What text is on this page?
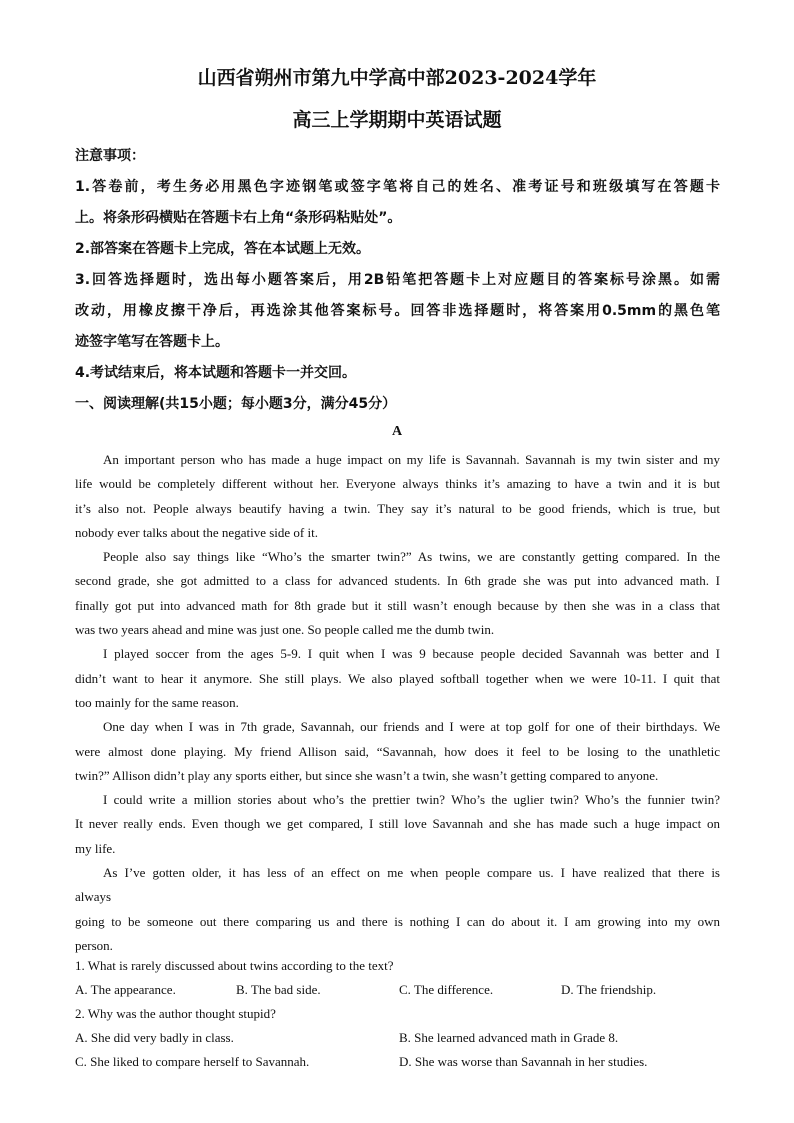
山西省朔州市第九中学高中部2023-2024学年
高三上学期期中英语试题
注意事项：
1.答卷前，考生务必用黑色字迹钢笔或签字笔将自己的姓名、准考证号和班级填写在答题卡
上。将条形码横贴在答题卡右上角“条形码粘贴处”。
2.部答案在答题卡上完成，答在本试题上无效。
3.回答选择题时，选出每小题答案后，用2B铅笔把答题卡上对应题目的答案标号涂黑。如需
改动，用橡皮擦干净后，再选涂其他答案标号。回答非选择题时，将答案用0.5mm的黑色笔
迹签字笔写在答题卡上。
4.考试结束后，将本试题和答题卡一并交回。
一、阅读理解(共15小题；每小题3分，满分45分）
A
An important person who has made a huge impact on my life is Savannah. Savannah is my twin sister and my
life would be completely different without her. Everyone always thinks it’s amazing to have a twin and it is but
it’s also not. People always beautify having a twin. They say it’s natural to be good friends, which is true, but
nobody ever talks about the negative side of it.
People also say things like “Who’s the smarter twin?” As twins, we are constantly getting compared. In the
second grade, she got admitted to a class for advanced students. In 6th grade she was put into advanced math. I
finally got put into advanced math for 8th grade but it still wasn’t enough because by then she was in a class that
was two years ahead and mine was just one. So people called me the dumb twin.
I played soccer from the ages 5-9. I quit when I was 9 because people decided Savannah was better and I
didn’t want to hear it anymore. She still plays. We also played softball together when we were 10-11. I quit that
too mainly for the same reason.
One day when I was in 7th grade, Savannah, our friends and I were at top golf for one of their birthdays. We
were almost done playing. My friend Allison said, “Savannah, how does it feel to be losing to the unathletic
twin?” Allison didn’t play any sports either, but since she wasn’t a twin, she wasn’t getting compared to anyone.
I could write a million stories about who’s the prettier twin? Who’s the uglier twin? Who’s the funnier twin?
It never really ends. Even though we get compared, I still love Savannah and she has made such a huge impact on
my life.
As I’ve gotten older, it has less of an effect on me when people compare us. I have realized that there is
always
going to be someone out there comparing us and there is nothing I can do about it. I am growing into my own
person.
1. What is rarely discussed about twins according to the text?
A. The appearance.	B. The bad side.	C. The difference.	D. The friendship.
2. Why was the author thought stupid?
A. She did very badly in class.	B. She learned advanced math in Grade 8.
C. She liked to compare herself to Savannah.	D. She was worse than Savannah in her studies.
